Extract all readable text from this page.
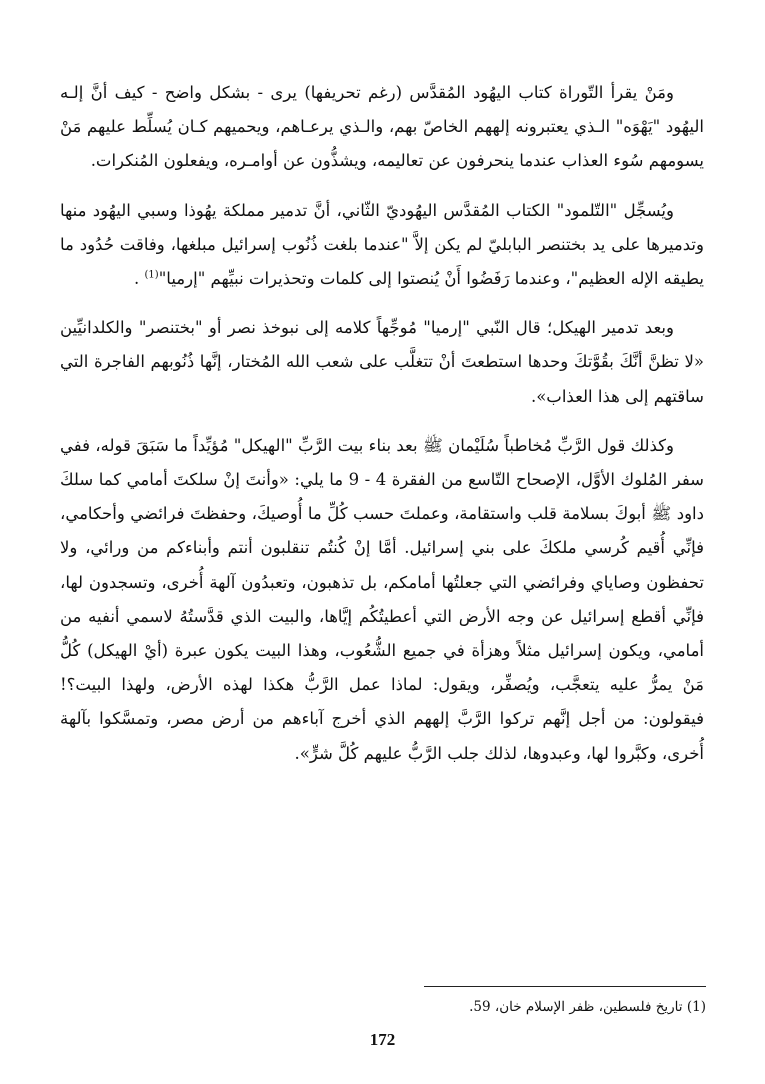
ومَنْ يقرأ التّوراة كتاب اليهُود المُقدَّس (رغم تحريفها) يرى - بشكل واضح - كيف أنَّ إلـه اليهُود "يَهْوَه" الـذي يعتبرونه إلههم الخاصّ بهم، والـذي يرعـاهم، ويحميهم كـان يُسلِّط عليهم مَنْ يسومهم سُوء العذاب عندما ينحرفون عن تعاليمه، ويشذُّون عن أوامـره، ويفعلون المُنكرات.

ويُسجِّل "التّلمود" الكتاب المُقدَّس اليهُوديّ الثّاني، أنَّ تدمير مملكة يهُوذا وسبي اليهُود منها وتدميرها على يد بختنصر البابليّ لم يكن إلاَّ "عندما بلغت ذُنُوب إسرائيل مبلغها، وفاقت حُدُود ما يطيقه الإله العظيم"، وعندما رَفَضُوا أَنْ يُنصتوا إلى كلمات وتحذيرات نبيِّهم "إرميا"$^{(1)}$ .

وبعد تدمير الهيكل؛ قال النّبي "إرميا" مُوجِّهاً كلامه إلى نبوخذ نصر أو "بختنصر" والكلدانيِّين «لا تظنَّ أنَّكَ بقُوَّتكَ وحدها استطعتَ أنْ تتغلَّب على شعب الله المُختار، إنَّها ذُنُوبهم الفاجرة التي ساقتهم إلى هذا العذاب».

وكذلك قول الرَّبِّ مُخاطباً سُلَيْمان ﷺ بعد بناء بيت الرَّبِّ "الهيكل" مُؤيِّداً ما سَبَقَ قوله، ففي سفر المُلوك الأوَّل، الإصحاح التّاسع من الفقرة 4 - 9 ما يلي: «وأنتَ إنْ سلكتَ أمامي كما سلكَ داود ﷺ أبوكَ بسلامة قلب واستقامة، وعملتَ حسب كُلِّ ما أُوصيكَ، وحفظتَ فرائضي وأحكامي، فإنِّي أُقيم كُرسي ملككَ على بني إسرائيل. أمَّا إنْ كُنتُم تنقلبون أنتم وأبناءكم من ورائي، ولا تحفظون وصاياي وفرائضي التي جعلتُها أمامكم، بل تذهبون، وتعبدُون آلهة أُخرى، وتسجدون لها، فإنِّي أقطع إسرائيل عن وجه الأرض التي أعطيتُكُم إيَّاها، والبيت الذي قدَّستُهُ لاسمي أنفيه من أمامي، ويكون إسرائيل مثلاً وهزأة في جميع الشُّعُوب، وهذا البيت يكون عبرة (أيْ الهيكل) كُلُّ مَنْ يمرُّ عليه يتعجَّب، ويُصفِّر، ويقول: لماذا عمل الرَّبُّ هكذا لهذه الأرض، ولهذا البيت؟! فيقولون: من أجل إنَّهم تركوا الرَّبَّ إلههم الذي أخرج آباءهم من أرض مصر، وتمسَّكوا بآلهة أُخرى، وكبَّروا لها، وعبدوها، لذلك جلب الرَّبُّ عليهم كُلَّ شرٍّ».

(1) تاريخ فلسطين، ظفر الإسلام خان، 59.
172
